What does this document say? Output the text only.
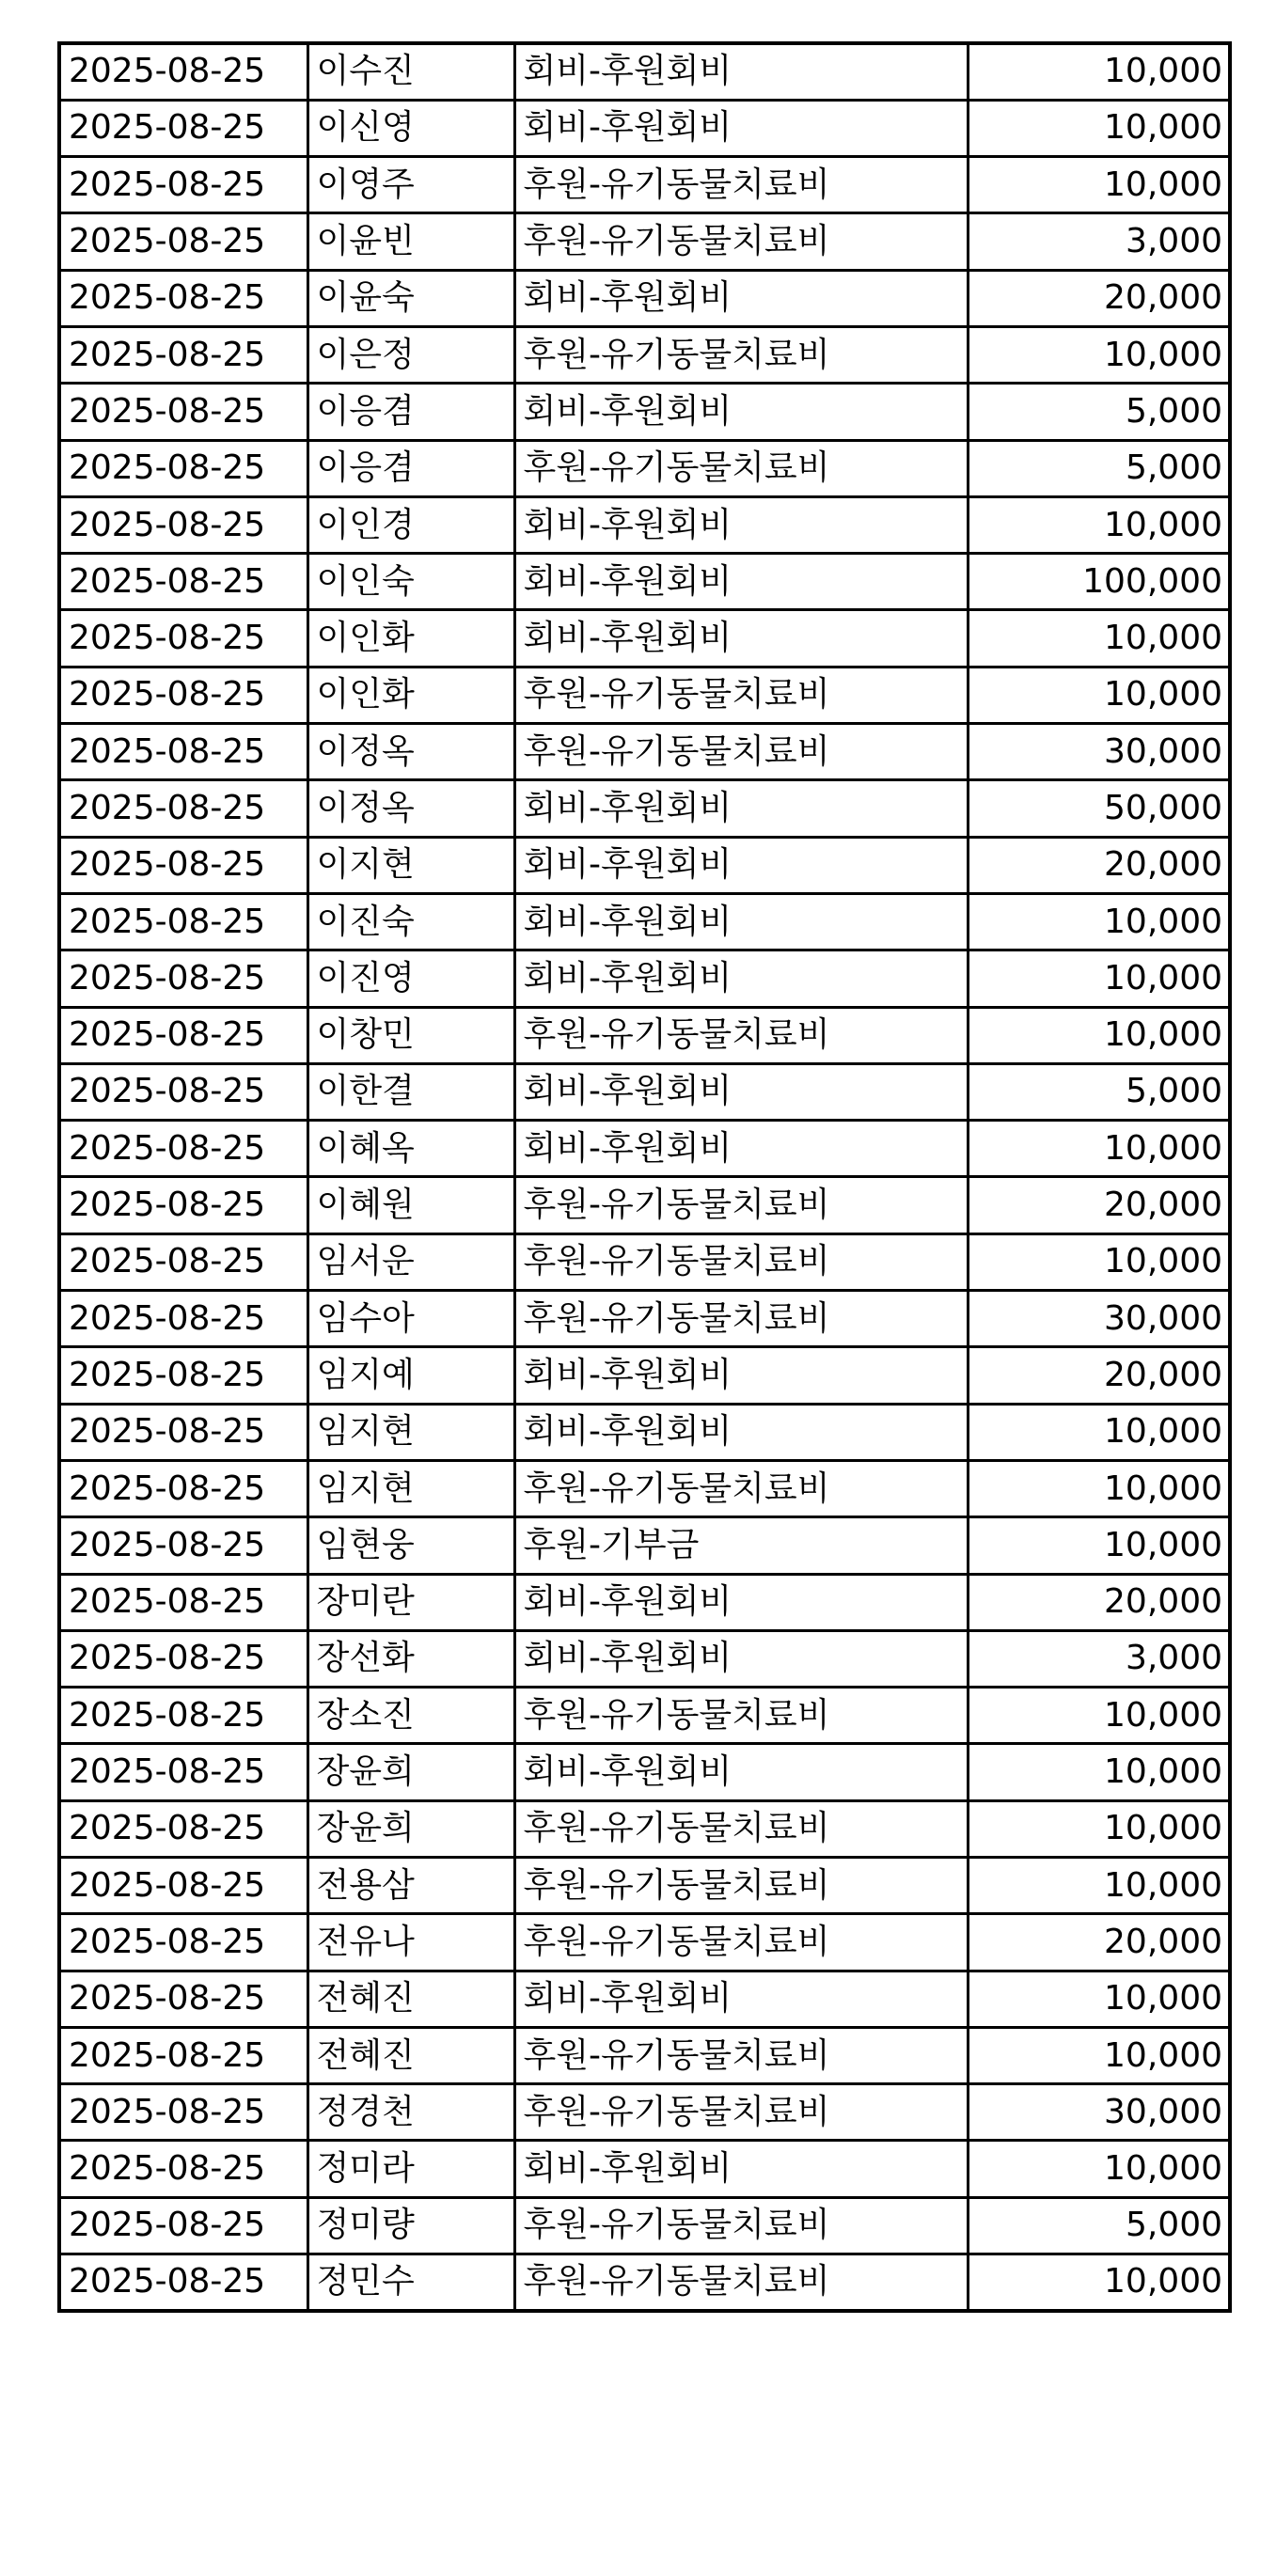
2025-08-25	이수진	회비-후원회비	10,000
2025-08-25	이신영	회비-후원회비	10,000
2025-08-25	이영주	후원-유기동물치료비	10,000
2025-08-25	이윤빈	후원-유기동물치료비	3,000
2025-08-25	이윤숙	회비-후원회비	20,000
2025-08-25	이은정	후원-유기동물치료비	10,000
2025-08-25	이응겸	회비-후원회비	5,000
2025-08-25	이응겸	후원-유기동물치료비	5,000
2025-08-25	이인경	회비-후원회비	10,000
2025-08-25	이인숙	회비-후원회비	100,000
2025-08-25	이인화	회비-후원회비	10,000
2025-08-25	이인화	후원-유기동물치료비	10,000
2025-08-25	이정옥	후원-유기동물치료비	30,000
2025-08-25	이정옥	회비-후원회비	50,000
2025-08-25	이지현	회비-후원회비	20,000
2025-08-25	이진숙	회비-후원회비	10,000
2025-08-25	이진영	회비-후원회비	10,000
2025-08-25	이창민	후원-유기동물치료비	10,000
2025-08-25	이한결	회비-후원회비	5,000
2025-08-25	이혜옥	회비-후원회비	10,000
2025-08-25	이혜원	후원-유기동물치료비	20,000
2025-08-25	임서운	후원-유기동물치료비	10,000
2025-08-25	임수아	후원-유기동물치료비	30,000
2025-08-25	임지예	회비-후원회비	20,000
2025-08-25	임지현	회비-후원회비	10,000
2025-08-25	임지현	후원-유기동물치료비	10,000
2025-08-25	임현웅	후원-기부금	10,000
2025-08-25	장미란	회비-후원회비	20,000
2025-08-25	장선화	회비-후원회비	3,000
2025-08-25	장소진	후원-유기동물치료비	10,000
2025-08-25	장윤희	회비-후원회비	10,000
2025-08-25	장윤희	후원-유기동물치료비	10,000
2025-08-25	전용삼	후원-유기동물치료비	10,000
2025-08-25	전유나	후원-유기동물치료비	20,000
2025-08-25	전혜진	회비-후원회비	10,000
2025-08-25	전혜진	후원-유기동물치료비	10,000
2025-08-25	정경천	후원-유기동물치료비	30,000
2025-08-25	정미라	회비-후원회비	10,000
2025-08-25	정미량	후원-유기동물치료비	5,000
2025-08-25	정민수	후원-유기동물치료비	10,000
